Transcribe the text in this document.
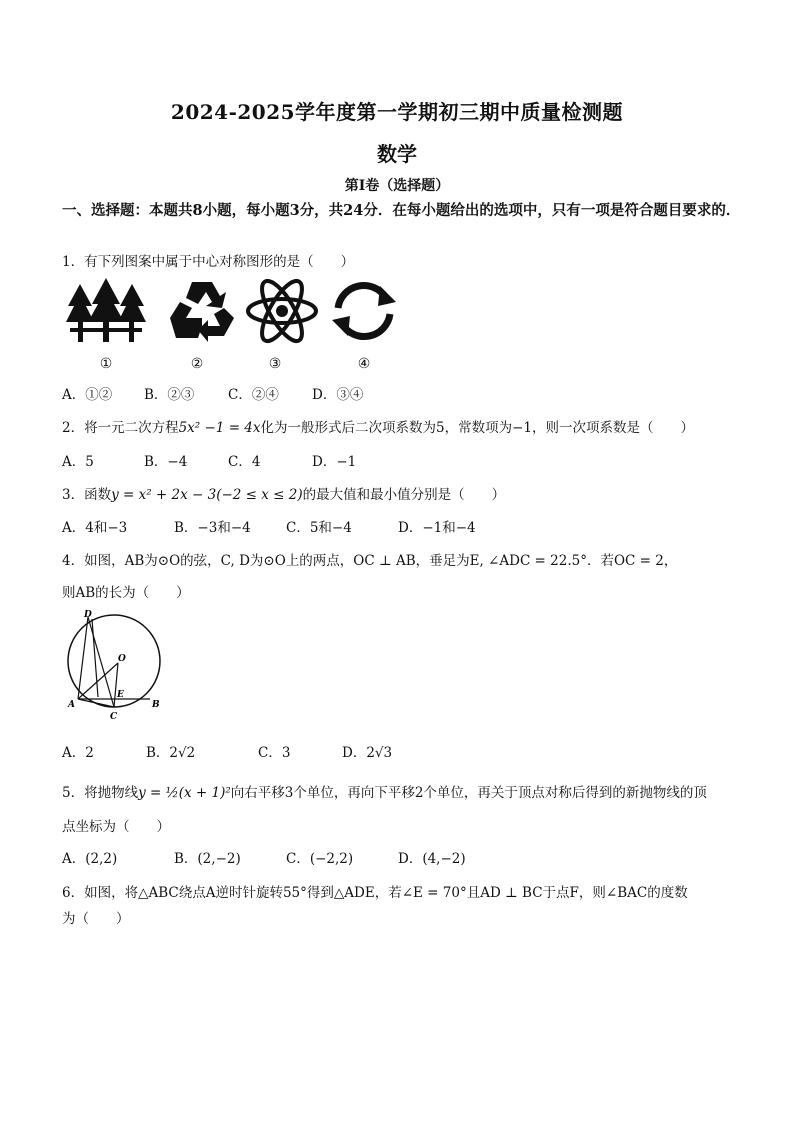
2024-2025学年度第一学期初三期中质量检测题
数学
第I卷（选择题）
一、选择题：本题共8小题，每小题3分，共24分．在每小题给出的选项中，只有一项是符合题目要求的．
1．有下列图案中属于中心对称图形的是（　　）
①	②	③	④
A．①② B．②③ C．②④ D．③④
2．将一元二次方程5x² −1 = 4x化为一般形式后二次项系数为5，常数项为−1，则一次项系数是（　　）
A．5	B．−4	C．4	D．−1
3．函数y = x² + 2x − 3(−2 ≤ x ≤ 2)的最大值和最小值分别是（　　）
A．4和−3	B．−3和−4	C．5和−4	D．−1和−4
4．如图，AB为⊙O的弦，C, D为⊙O上的两点，OC ⊥ AB，垂足为E, ∠ADC = 22.5°．若OC = 2，
则AB的长为（　　）
D
O
E
A
C
B
A．2	B．2√2	C．3	D．2√3
5．将抛物线y = ½(x + 1)²向右平移3个单位，再向下平移2个单位，再关于顶点对称后得到的新抛物线的顶
点坐标为（　　）
A．(2,2)	B．(2,−2)	C．(−2,2)	D．(4,−2)
6．如图，将△ABC绕点A逆时针旋转55°得到△ADE，若∠E = 70°且AD ⊥ BC于点F，则∠BAC的度数
为（　　）
